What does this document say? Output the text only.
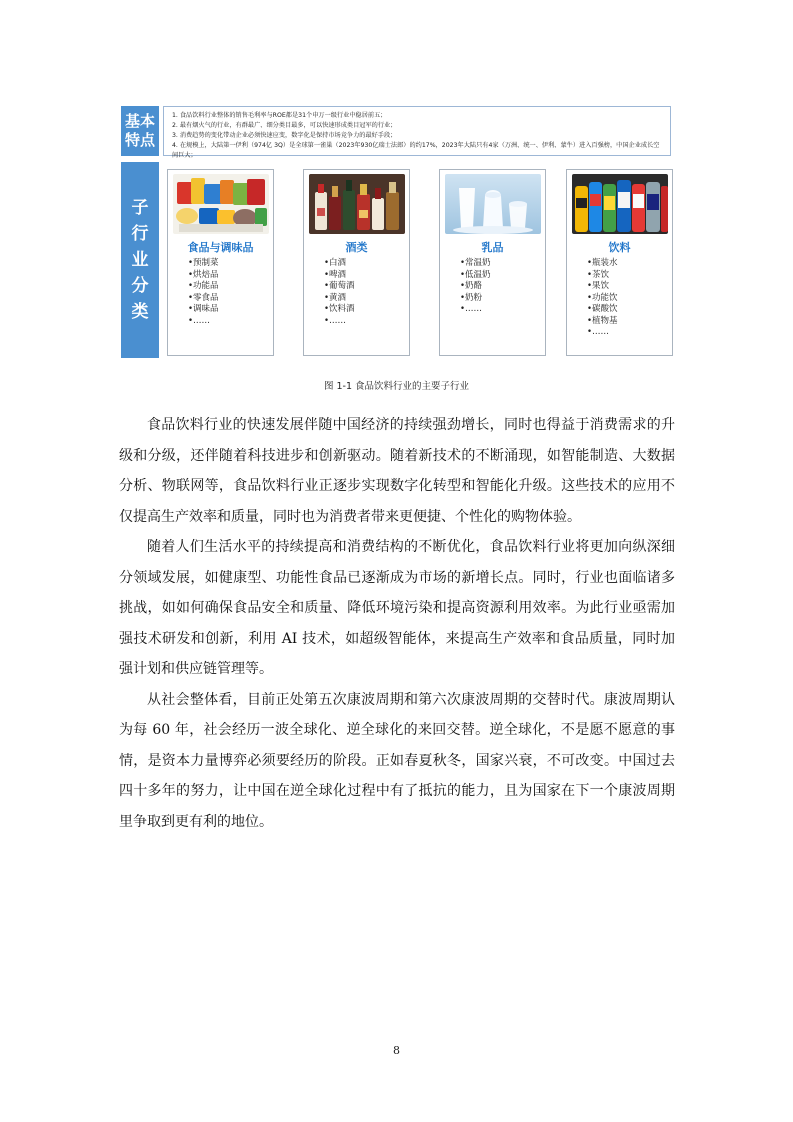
基本
特点
1. 食品饮料行业整体的销售毛利率与ROE都是31个申万一级行业中稳居前五；
2. 最有烟火气的行业，有群最广、细分类目最多，可以快速形成类目冠军的行业；
3. 消费趋势的变化带动企业必须快速应变，数字化是保持市场竞争力的最好手段；
4. 在规模上，大陆第一伊利（974亿 3Q）是全球第一雀巢（2023年930亿瑞士法郎）的约17%，2023年大陆只有4家（万洲、统一、伊利、蒙牛）进入百强榜，中国企业成长空间巨大；
子
行
业
分
类
食品与调味品
•预制菜
•烘焙品
•功能品
•零食品
•调味品
•……
酒类
•白酒
•啤酒
•葡萄酒
•黄酒
•饮料酒
•……
乳品
•常温奶
•低温奶
•奶酪
•奶粉
•……
饮料
•瓶装水
•茶饮
•果饮
•功能饮
•碳酸饮
•植物基
•……
图 1-1 食品饮料行业的主要子行业

食品饮料行业的快速发展伴随中国经济的持续强劲增长，同时也得益于消费需求的升级和分级，还伴随着科技进步和创新驱动。随着新技术的不断涌现，如智能制造、大数据分析、物联网等，食品饮料行业正逐步实现数字化转型和智能化升级。这些技术的应用不仅提高生产效率和质量，同时也为消费者带来更便捷、个性化的购物体验。

随着人们生活水平的持续提高和消费结构的不断优化，食品饮料行业将更加向纵深细分领域发展，如健康型、功能性食品已逐渐成为市场的新增长点。同时，行业也面临诸多挑战，如如何确保食品安全和质量、降低环境污染和提高资源利用效率。为此行业亟需加强技术研发和创新，利用 AI 技术，如超级智能体，来提高生产效率和食品质量，同时加强计划和供应链管理等。

从社会整体看，目前正处第五次康波周期和第六次康波周期的交替时代。康波周期认为每 60 年，社会经历一波全球化、逆全球化的来回交替。逆全球化，不是愿不愿意的事情，是资本力量博弈必须要经历的阶段。正如春夏秋冬，国家兴衰，不可改变。中国过去四十多年的努力，让中国在逆全球化过程中有了抵抗的能力，且为国家在下一个康波周期里争取到更有利的地位。

8
